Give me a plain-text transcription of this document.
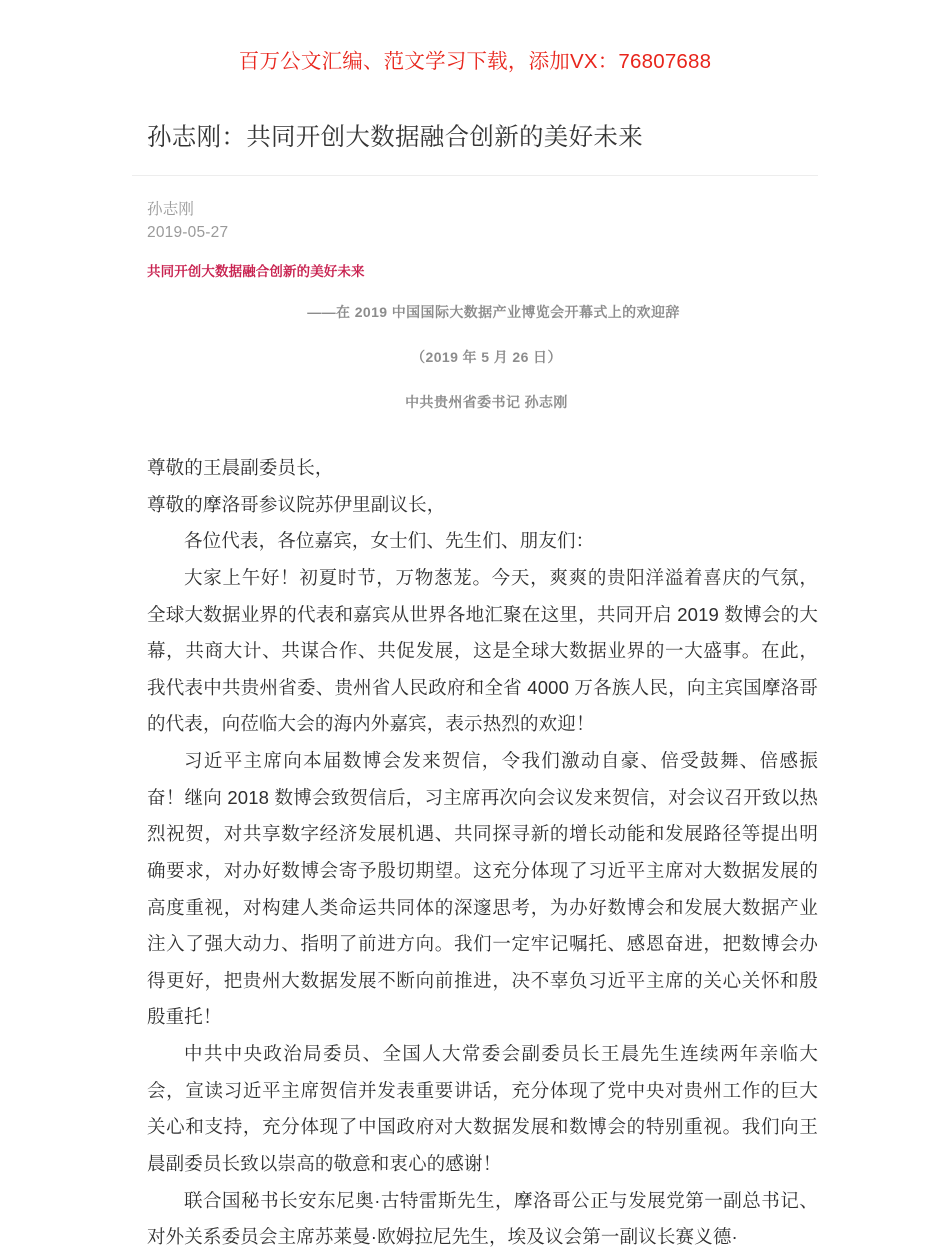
百万公文汇编、范文学习下载，添加VX：76807688
孙志刚：共同开创大数据融合创新的美好未来
孙志刚
2019-05-27
共同开创大数据融合创新的美好未来
——在 2019 中国国际大数据产业博览会开幕式上的欢迎辞
（2019 年 5 月 26 日）
中共贵州省委书记 孙志刚

尊敬的王晨副委员长，

尊敬的摩洛哥参议院苏伊里副议长，

各位代表，各位嘉宾，女士们、先生们、朋友们：

大家上午好！初夏时节，万物葱茏。今天，爽爽的贵阳洋溢着喜庆的气氛，全球大数据业界的代表和嘉宾从世界各地汇聚在这里，共同开启 2019 数博会的大幕，共商大计、共谋合作、共促发展，这是全球大数据业界的一大盛事。在此，我代表中共贵州省委、贵州省人民政府和全省 4000 万各族人民，向主宾国摩洛哥的代表，向莅临大会的海内外嘉宾，表示热烈的欢迎！

习近平主席向本届数博会发来贺信，令我们激动自豪、倍受鼓舞、倍感振奋！继向 2018 数博会致贺信后，习主席再次向会议发来贺信，对会议召开致以热烈祝贺，对共享数字经济发展机遇、共同探寻新的增长动能和发展路径等提出明确要求，对办好数博会寄予殷切期望。这充分体现了习近平主席对大数据发展的高度重视，对构建人类命运共同体的深邃思考，为办好数博会和发展大数据产业注入了强大动力、指明了前进方向。我们一定牢记嘱托、感恩奋进，把数博会办得更好，把贵州大数据发展不断向前推进，决不辜负习近平主席的关心关怀和殷殷重托！

中共中央政治局委员、全国人大常委会副委员长王晨先生连续两年亲临大会，宣读习近平主席贺信并发表重要讲话，充分体现了党中央对贵州工作的巨大关心和支持，充分体现了中国政府对大数据发展和数博会的特别重视。我们向王晨副委员长致以崇高的敬意和衷心的感谢！

联合国秘书长安东尼奥·古特雷斯先生，摩洛哥公正与发展党第一副总书记、对外关系委员会主席苏莱曼·欧姆拉尼先生，埃及议会第一副议长赛义德·
